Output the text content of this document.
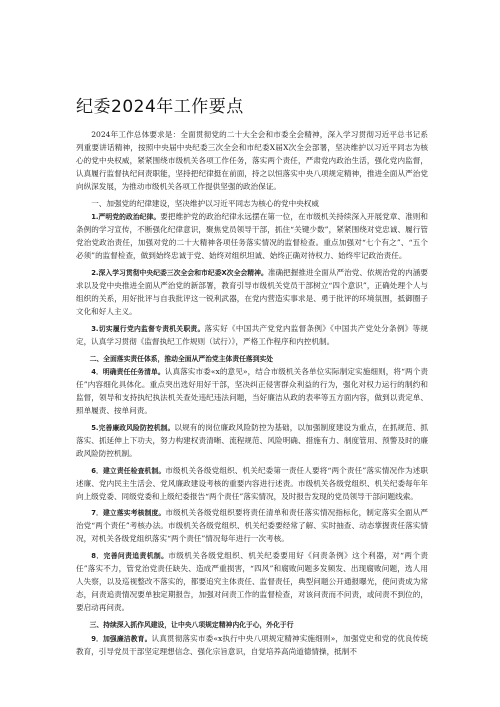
纪委2024年工作要点

2024年工作总体要求是：全面贯彻党的二十大全会和市委全会精神，深入学习贯彻习近平总书记系列重要讲话精神，按照中央届中央纪委三次全会和市纪委X届X次全会部署，坚决维护以习近平同志为核心的党中央权威，紧紧围绕市级机关各项工作任务，落实两个责任，严肃党内政治生活，强化党内监督，认真履行监督执纪问责职能，坚持把纪律挺在前面，持之以恒落实中央八项规定精神，推进全面从严治党向纵深发展，为推动市级机关各项工作提供坚强的政治保证。

一、加强党的纪律建设，坚决维护以习近平同志为核心的党中央权威

1.严明党的政治纪律。要把维护党的政治纪律永远摆在第一位，在市级机关持续深入开展党章、准则和条例的学习宣传，不断强化纪律意识，聚焦党员领导干部，抓住“关键少数”，紧紧围绕对党忠诚、履行管党治党政治责任，加强对党的二十大精神各项任务落实情况的监督检查。重点加强对“七个有之”、“五个必须”的监督检查，做到始终忠诚于党、始终对组织坦诚、始终正确对待权力、始终牢记政治责任。

2.深入学习贯彻中央纪委三次全会和市纪委X次全会精神。准确把握推进全面从严治党、依规治党的内涵要求以及党中央推进全面从严治党的新部署，教育引导市级机关党员干部树立“四个意识”，正确处理个人与组织的关系，用好批评与自我批评这一锐利武器，在党内营造实事求是、勇于批评的环境氛围，抵御圈子文化和好人主义。

3.切实履行党内监督专责机关职责。落实好《中国共产党党内监督条例》《中国共产党处分条例》等规定，认真学习贯彻《监督执纪工作规则（试行）》，严格工作程序和内控机制。

二、全面落实责任体系，推动全面从严治党主体责任落到实处

4．明确责任任务清单。认真落实市委«x的意见»，结合市级机关各单位实际制定实施细则，将“两个责任”内容细化具体化。重点突出选好用好干部，坚决纠正侵害群众利益的行为，强化对权力运行的制约和监督，领导和支持执纪执法机关查处违纪违法问题，当好廉洁从政的表率等五方面内容，做到以责定单、照单履责、按单问责。

5.完善廉政风险防控机制。以规有的岗位廉政风险防控为基础，以加强制度建设为重点，在抓规范、抓落实、抓延伸上下功夫，努力构建权责清晰、流程规范、风险明确、措施有力、制度管用、预警及时的廉政风险防控机制。

6．建立责任检查机制。市级机关各级党组织、机关纪委第一责任人要将“两个责任”落实情况作为述职述廉、党内民主生活会、党风廉政建设考核的重要内容进行述责。市级机关各级党组织、机关纪委每年年向上级党委、同级党委和上级纪委报告“两个责任”落实情况，及时报告发现的党员领导干部问题线索。

7．建立落实考核制度。市级机关各级党组织要将责任清单和责任落实情况指标化，制定落实全面从严治党“两个责任”考核办法。市级机关各级党组织、机关纪委要经常了解、实时抽查、动态掌握责任落实情况，对机关各级党组织落实“两个责任”情况每年进行一次考核。

8．完善问责追责机制。市级机关各级党组织、机关纪委要用好《问责条例》这个利器，对“两个责任”落实不力，管党治党责任缺失、造成严重损害，“四风”和腐败问题多发频发、出现腐败问题，选人用人失察，以及巡视整改不落实的，都要追究主体责任、监督责任，典型问题公开通报曝光，使问责成为常态，问责追责情况要单独定期报告，加强对问责工作的监督检查，对该问责而不问责，或问责不到位的，要启动再问责。

三、持续深入抓作风建设，让中央八项规定精神内化于心，外化于行

9．加强廉洁教育。认真贯彻落实市委«x执行中央八项规定精神实施细则»，加强党史和党的优良传统教育，引导党员干部坚定理想信念、强化宗旨意识，自觉培养高尚道德情操，抵制不
